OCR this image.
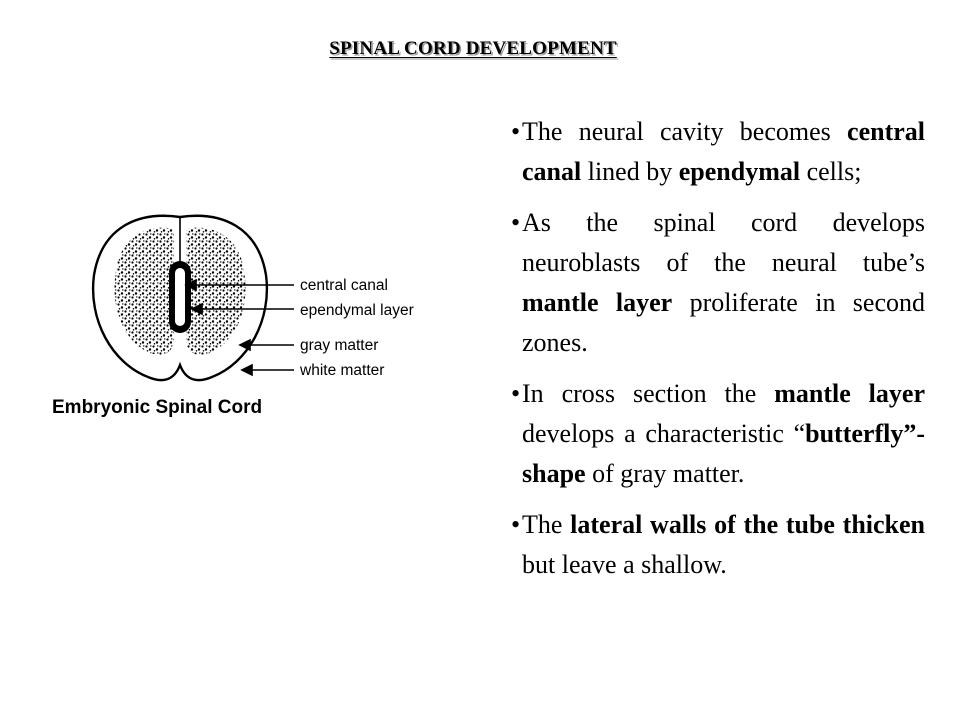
SPINAL CORD DEVELOPMENT
central canal
ependymal layer
gray matter
white matter
Embryonic Spinal Cord
• The neural cavity becomes central canal lined by ependymal cells;
• As the spinal cord develops neuroblasts of the neural tube’s mantle layer proliferate in second zones.
• In cross section the mantle layer develops a characteristic “butterfly”-shape of gray matter.
• The lateral walls of the tube thicken but leave a shallow.
